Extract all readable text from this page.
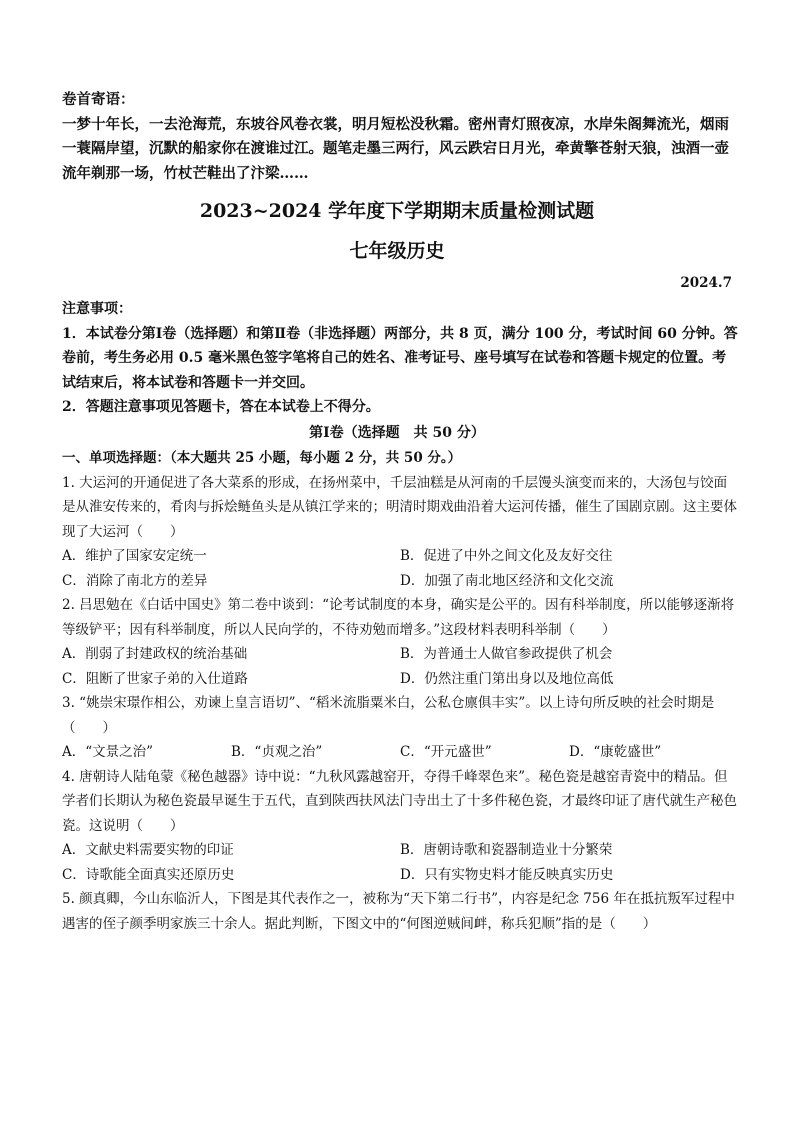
卷首寄语：

一梦十年长，一去沧海荒，东坡谷风卷衣裳，明月短松没秋霜。密州青灯照夜凉，水岸朱阁舞流光，烟雨一蓑隔岸望，沉默的船家你在渡谁过江。题笔走墨三两行，风云跌宕日月光，牵黄擎苍射天狼，浊酒一壶流年剃那一场，竹杖芒鞋出了汴梁……

2023~2024 学年度下学期期末质量检测试题
七年级历史
2024.7

注意事项：

1．本试卷分第Ⅰ卷（选择题）和第Ⅱ卷（非选择题）两部分，共 8 页，满分 100 分，考试时间 60 分钟。答卷前，考生务必用 0.5 毫米黑色签字笔将自己的姓名、准考证号、座号填写在试卷和答题卡规定的位置。考试结束后，将本试卷和答题卡一并交回。

2．答题注意事项见答题卡，答在本试卷上不得分。

第Ⅰ卷（选择题　共 50 分）

一、单项选择题：（本大题共 25 小题，每小题 2 分，共 50 分。）

1. 大运河的开通促进了各大菜系的形成，在扬州菜中，千层油糕是从河南的千层馒头演变而来的，大汤包与饺面是从淮安传来的，肴肉与拆烩鲢鱼头是从镇江学来的；明清时期戏曲沿着大运河传播，催生了国剧京剧。这主要体现了大运河（　　）

A．维护了国家安定统一	B．促进了中外之间文化及友好交往
C．消除了南北方的差异	D．加强了南北地区经济和文化交流

2. 吕思勉在《白话中国史》第二卷中谈到：“论考试制度的本身，确实是公平的。因有科举制度，所以能够逐渐将等级铲平；因有科举制度，所以人民向学的，不待劝勉而增多。”这段材料表明科举制（　　）

A．削弱了封建政权的统治基础	B．为普通士人做官参政提供了机会
C．阻断了世家子弟的入仕道路	D．仍然注重门第出身以及地位高低

3. “姚崇宋璟作相公，劝谏上皇言语切”、“稻米流脂粟米白，公私仓廪俱丰实”。以上诗句所反映的社会时期是（　　）

A．“文景之治”	B．“贞观之治”	C．“开元盛世”	D．“康乾盛世”

4. 唐朝诗人陆龟蒙《秘色越器》诗中说：“九秋风露越窑开，夺得千峰翠色来”。秘色瓷是越窑青瓷中的精品。但学者们长期认为秘色瓷最早诞生于五代，直到陕西扶风法门寺出土了十多件秘色瓷，才最终印证了唐代就生产秘色瓷。这说明（　　）

A．文献史料需要实物的印证	B．唐朝诗歌和瓷器制造业十分繁荣
C．诗歌能全面真实还原历史	D．只有实物史料才能反映真实历史

5. 颜真卿，今山东临沂人，下图是其代表作之一，被称为“天下第二行书”，内容是纪念 756 年在抵抗叛军过程中遇害的侄子颜季明家族三十余人。据此判断，下图文中的“何图逆贼间衅，称兵犯顺”指的是（　　）
